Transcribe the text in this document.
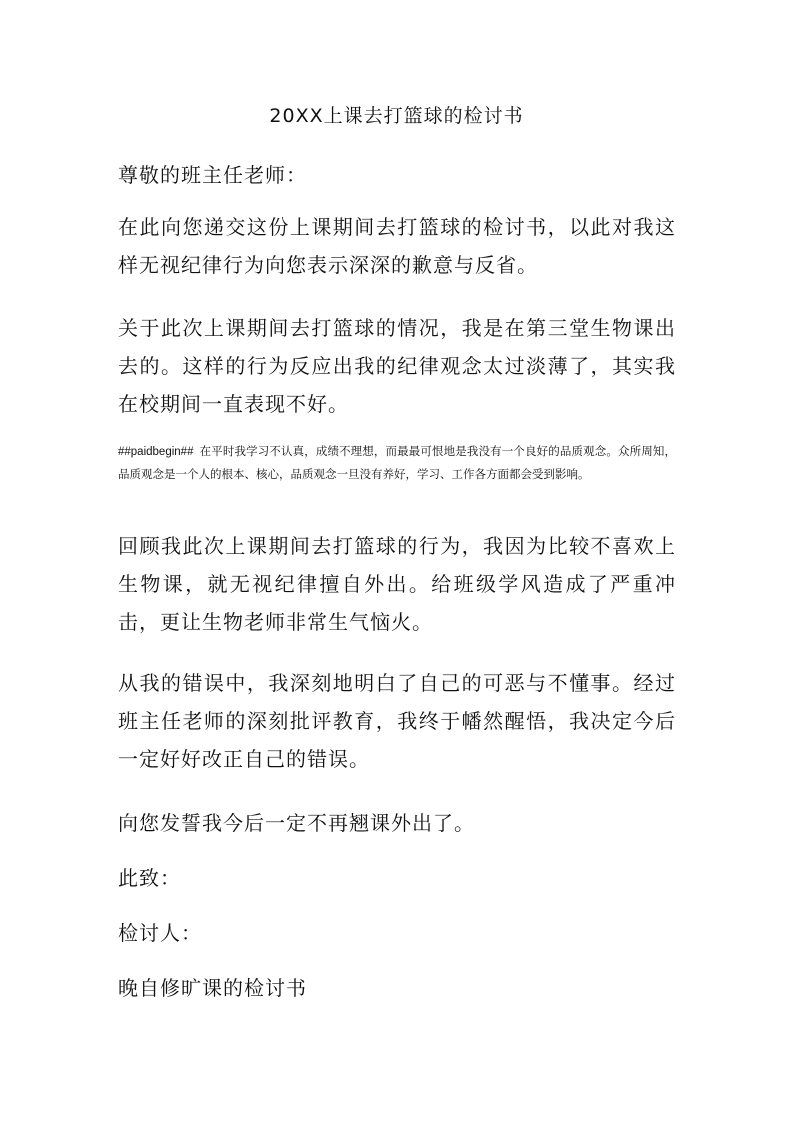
20XX上课去打篮球的检讨书

尊敬的班主任老师：

在此向您递交这份上课期间去打篮球的检讨书，以此对我这样无视纪律行为向您表示深深的歉意与反省。

关于此次上课期间去打篮球的情况，我是在第三堂生物课出去的。这样的行为反应出我的纪律观念太过淡薄了，其实我在校期间一直表现不好。

##paidbegin## 在平时我学习不认真，成绩不理想，而最最可恨地是我没有一个良好的品质观念。众所周知，品质观念是一个人的根本、核心，品质观念一旦没有养好，学习、工作各方面都会受到影响。

回顾我此次上课期间去打篮球的行为，我因为比较不喜欢上生物课，就无视纪律擅自外出。给班级学风造成了严重冲击，更让生物老师非常生气恼火。

从我的错误中，我深刻地明白了自己的可恶与不懂事。经过班主任老师的深刻批评教育，我终于幡然醒悟，我决定今后一定好好改正自己的错误。

向您发誓我今后一定不再翘课外出了。

此致：

检讨人：

晚自修旷课的检讨书
